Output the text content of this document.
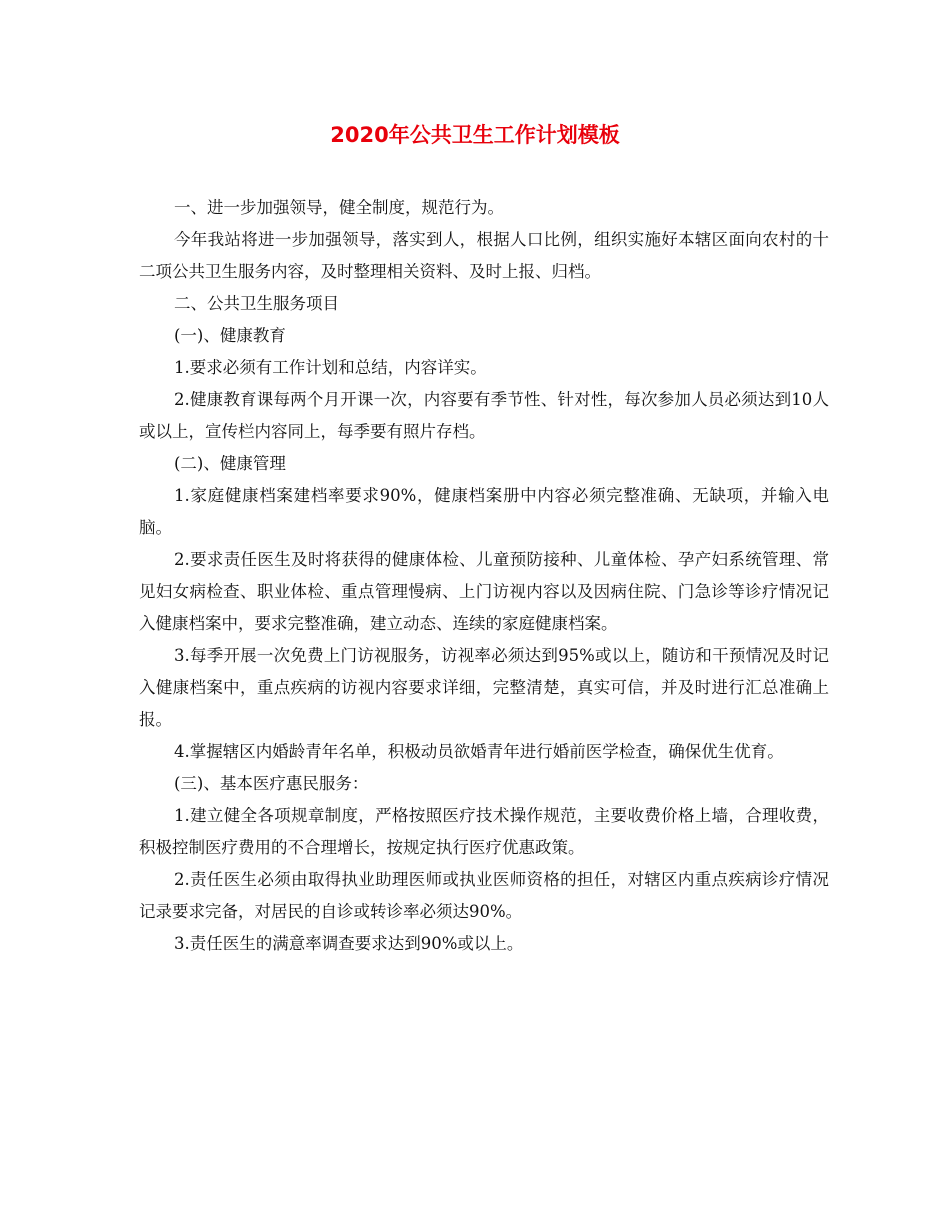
2020年公共卫生工作计划模板

一、进一步加强领导，健全制度，规范行为。

今年我站将进一步加强领导，落实到人，根据人口比例，组织实施好本辖区面向农村的十二项公共卫生服务内容，及时整理相关资料、及时上报、归档。

二、公共卫生服务项目

(一)、健康教育

1.要求必须有工作计划和总结，内容详实。

2.健康教育课每两个月开课一次，内容要有季节性、针对性，每次参加人员必须达到10人或以上，宣传栏内容同上，每季要有照片存档。

(二)、健康管理

1.家庭健康档案建档率要求90%，健康档案册中内容必须完整准确、无缺项，并输入电脑。

2.要求责任医生及时将获得的健康体检、儿童预防接种、儿童体检、孕产妇系统管理、常见妇女病检查、职业体检、重点管理慢病、上门访视内容以及因病住院、门急诊等诊疗情况记入健康档案中，要求完整准确，建立动态、连续的家庭健康档案。

3.每季开展一次免费上门访视服务，访视率必须达到95%或以上，随访和干预情况及时记入健康档案中，重点疾病的访视内容要求详细，完整清楚，真实可信，并及时进行汇总准确上报。

4.掌握辖区内婚龄青年名单，积极动员欲婚青年进行婚前医学检查，确保优生优育。

(三)、基本医疗惠民服务：

1.建立健全各项规章制度，严格按照医疗技术操作规范，主要收费价格上墙，合理收费，积极控制医疗费用的不合理增长，按规定执行医疗优惠政策。

2.责任医生必须由取得执业助理医师或执业医师资格的担任，对辖区内重点疾病诊疗情况记录要求完备，对居民的自诊或转诊率必须达90%。

3.责任医生的满意率调查要求达到90%或以上。
